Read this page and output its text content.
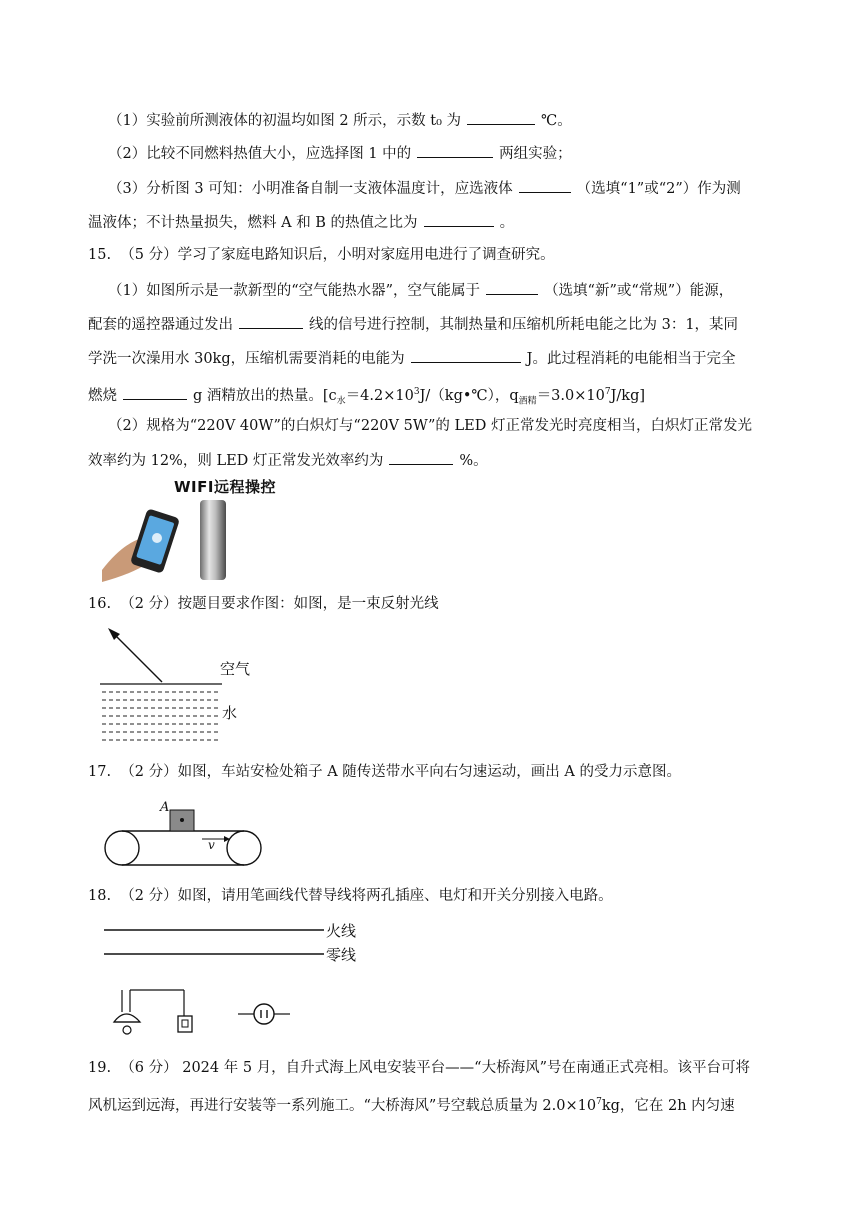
（1）实验前所测液体的初温均如图 2 所示，示数 t₀ 为	℃。
（2）比较不同燃料热值大小，应选择图 1 中的	两组实验；
（3）分析图 3 可知：小明准备自制一支液体温度计，应选液体	（选填“1”或“2”）作为测
温液体；不计热量损失，燃料 A 和 B 的热值之比为	。
15. （5 分）学习了家庭电路知识后，小明对家庭用电进行了调查研究。
（1）如图所示是一款新型的“空气能热水器”，空气能属于	（选填“新”或“常规”）能源，
配套的遥控器通过发出	线的信号进行控制，其制热量和压缩机所耗电能之比为 3：1，某同
学洗一次澡用水 30kg，压缩机需要消耗的电能为	J。此过程消耗的电能相当于完全
燃烧	g 酒精放出的热量。[$c_水=4.2\times 10^3J/(kg•℃)$，$q_{酒精}=3.0\times 10^7J/kg$]
（2）规格为“220V 40W”的白炽灯与“220V 5W”的 LED 灯正常发光时亮度相当，白炽灯正常发光
效率约为 12%，则 LED 灯正常发光效率约为	%。
WIFI远程操控
16. （2 分）按题目要求作图：如图，是一束反射光线
空气
水
17. （2 分）如图，车站安检处箱子 A 随传送带水平向右匀速运动，画出 A 的受力示意图。
A
v
18. （2 分）如图，请用笔画线代替导线将两孔插座、电灯和开关分别接入电路。
火线
零线
19. （6 分） 2024 年 5 月，自升式海上风电安装平台——“大桥海风”号在南通正式亮相。该平台可将
风机运到远海，再进行安装等一系列施工。“大桥海风”号空载总质量为 $2.0\times 10^7kg$，它在 2h 内匀速
